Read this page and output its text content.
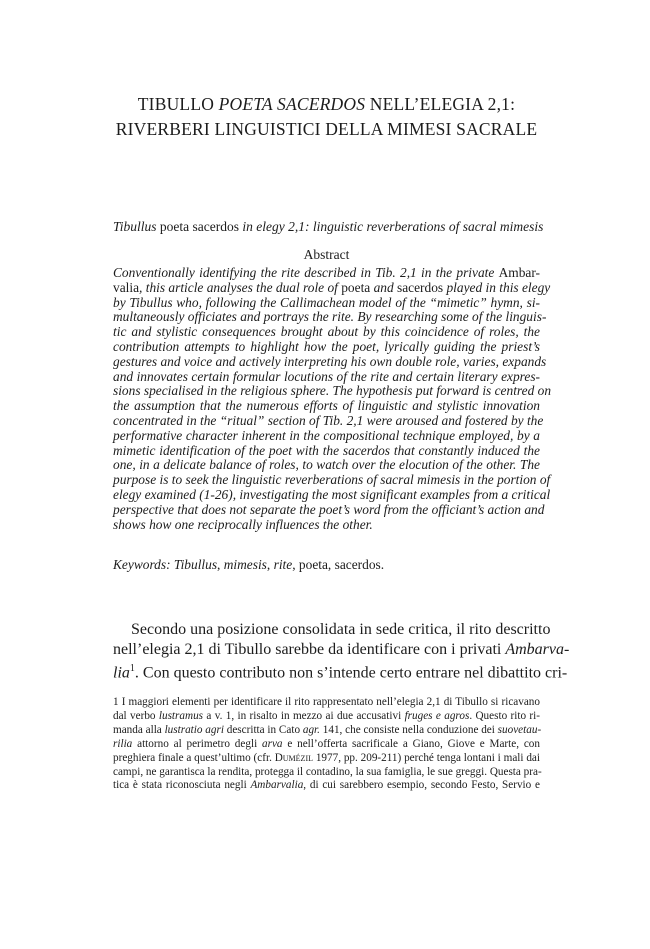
TIBULLO POETA SACERDOS NELL’ELEGIA 2,1:
RIVERBERI LINGUISTICI DELLA MIMESI SACRALE
Tibullus poeta sacerdos in elegy 2,1: linguistic reverberations of sacral mimesis
Abstract
Conventionally identifying the rite described in Tib. 2,1 in the private Ambar-
valia, this article analyses the dual role of poeta and sacerdos played in this elegy
by Tibullus who, following the Callimachean model of the “mimetic” hymn, si-
multaneously officiates and portrays the rite. By researching some of the linguis-
tic and stylistic consequences brought about by this coincidence of roles, the
contribution attempts to highlight how the poet, lyrically guiding the priest’s
gestures and voice and actively interpreting his own double role, varies, expands
and innovates certain formular locutions of the rite and certain literary expres-
sions specialised in the religious sphere. The hypothesis put forward is centred on
the assumption that the numerous efforts of linguistic and stylistic innovation
concentrated in the “ritual” section of Tib. 2,1 were aroused and fostered by the
performative character inherent in the compositional technique employed, by a
mimetic identification of the poet with the sacerdos that constantly induced the
one, in a delicate balance of roles, to watch over the elocution of the other. The
purpose is to seek the linguistic reverberations of sacral mimesis in the portion of
elegy examined (1-26), investigating the most significant examples from a critical
perspective that does not separate the poet’s word from the officiant’s action and
shows how one reciprocally influences the other.
Keywords: Tibullus, mimesis, rite, poeta, sacerdos.
Secondo una posizione consolidata in sede critica, il rito descritto
nell’elegia 2,1 di Tibullo sarebbe da identificare con i privati Ambarva-
lia$^1$. Con questo contributo non s’intende certo entrare nel dibattito cri-
1 I maggiori elementi per identificare il rito rappresentato nell’elegia 2,1 di Tibullo si ricavano
dal verbo lustramus a v. 1, in risalto in mezzo ai due accusativi fruges e agros. Questo rito ri-
manda alla lustratio agri descritta in Cato agr. 141, che consiste nella conduzione dei suovetau-
rilia attorno al perimetro degli arva e nell’offerta sacrificale a Giano, Giove e Marte, con
preghiera finale a quest’ultimo (cfr. Dumézil 1977, pp. 209-211) perché tenga lontani i mali dai
campi, ne garantisca la rendita, protegga il contadino, la sua famiglia, le sue greggi. Questa pra-
tica è stata riconosciuta negli Ambarvalia, di cui sarebbero esempio, secondo Festo, Servio e
